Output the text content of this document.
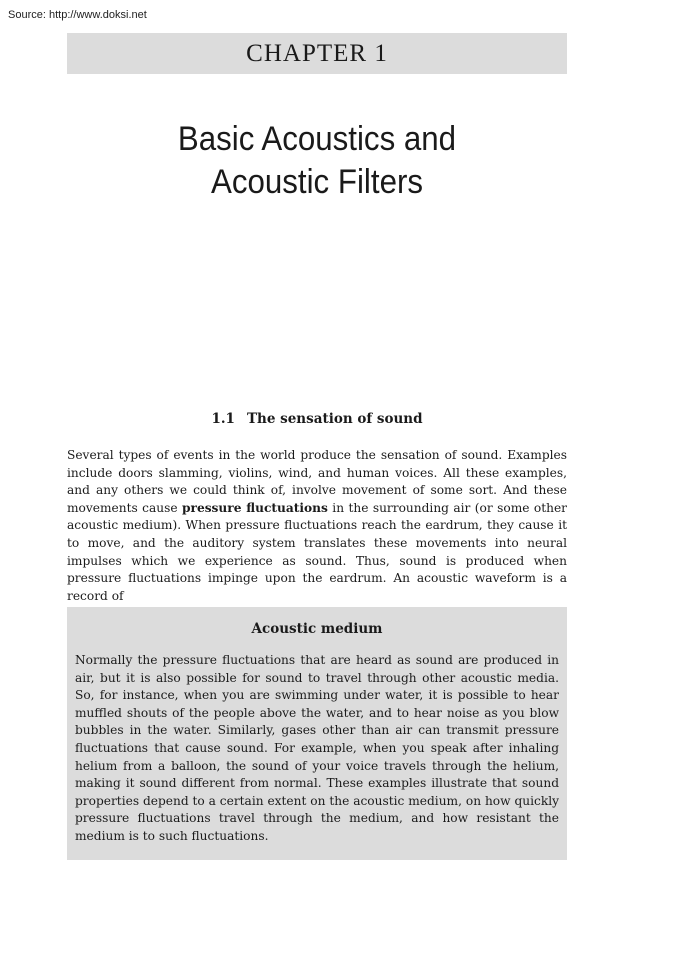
Source: http://www.doksi.net
CHAPTER 1
Basic Acoustics and
Acoustic Filters
1.1 The sensation of sound
Several types of events in the world produce the sensation of sound. Examples include doors slamming, violins, wind, and human voices. All these examples, and any others we could think of, involve movement of some sort. And these movements cause pressure fluctuations in the surrounding air (or some other acoustic medium). When pressure fluctuations reach the eardrum, they cause it to move, and the auditory system translates these movements into neural impulses which we experience as sound. Thus, sound is produced when pressure fluctuations impinge upon the eardrum. An acoustic waveform is a record of
Acoustic medium
Normally the pressure fluctuations that are heard as sound are produced in air, but it is also possible for sound to travel through other acoustic media. So, for instance, when you are swimming under water, it is possible to hear muffled shouts of the people above the water, and to hear noise as you blow bubbles in the water. Similarly, gases other than air can transmit pressure fluctuations that cause sound. For example, when you speak after inhaling helium from a balloon, the sound of your voice travels through the helium, making it sound different from normal. These examples illustrate that sound properties depend to a certain extent on the acoustic medium, on how quickly pressure fluctuations travel through the medium, and how resistant the medium is to such fluctuations.
